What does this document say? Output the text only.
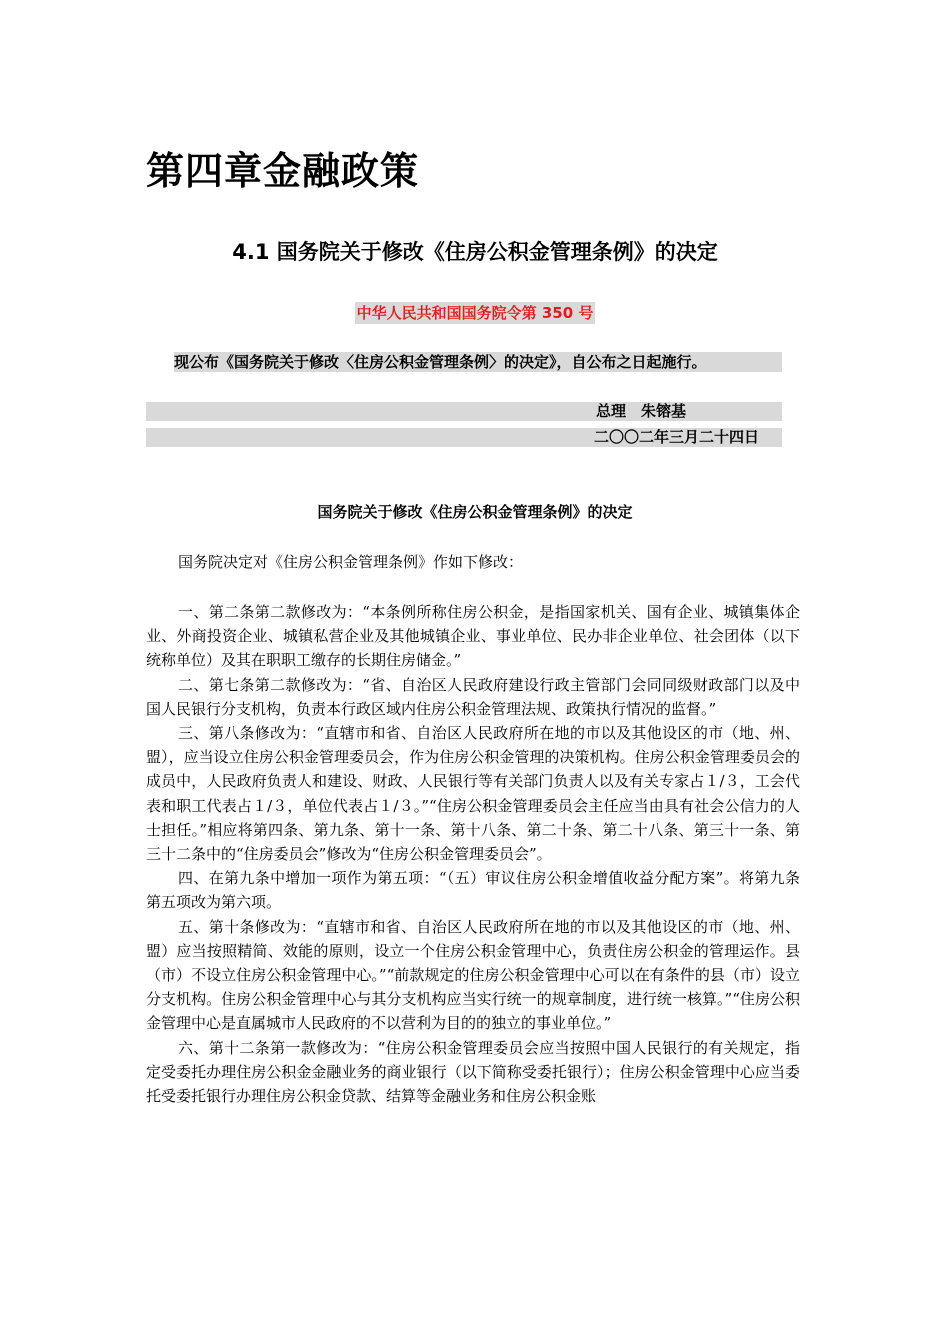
第四章金融政策
4.1 国务院关于修改《住房公积金管理条例》的决定
中华人民共和国国务院令第 350 号
现公布《国务院关于修改〈住房公积金管理条例〉的决定》，自公布之日起施行。
总理　朱镕基
二〇〇二年三月二十四日
国务院关于修改《住房公积金管理条例》的决定
国务院决定对《住房公积金管理条例》作如下修改：

一、第二条第二款修改为：“本条例所称住房公积金，是指国家机关、国有企业、城镇集体企业、外商投资企业、城镇私营企业及其他城镇企业、事业单位、民办非企业单位、社会团体（以下统称单位）及其在职职工缴存的长期住房储金。”

二、第七条第二款修改为：“省、自治区人民政府建设行政主管部门会同同级财政部门以及中国人民银行分支机构，负责本行政区域内住房公积金管理法规、政策执行情况的监督。”

三、第八条修改为：“直辖市和省、自治区人民政府所在地的市以及其他设区的市（地、州、盟），应当设立住房公积金管理委员会，作为住房公积金管理的决策机构。住房公积金管理委员会的成员中，人民政府负责人和建设、财政、人民银行等有关部门负责人以及有关专家占１/３，工会代表和职工代表占１/３，单位代表占１/３。”“住房公积金管理委员会主任应当由具有社会公信力的人士担任。”相应将第四条、第九条、第十一条、第十八条、第二十条、第二十八条、第三十一条、第三十二条中的“住房委员会”修改为“住房公积金管理委员会”。

四、在第九条中增加一项作为第五项：“（五）审议住房公积金增值收益分配方案”。将第九条第五项改为第六项。

五、第十条修改为：“直辖市和省、自治区人民政府所在地的市以及其他设区的市（地、州、盟）应当按照精简、效能的原则，设立一个住房公积金管理中心，负责住房公积金的管理运作。县（市）不设立住房公积金管理中心。”“前款规定的住房公积金管理中心可以在有条件的县（市）设立分支机构。住房公积金管理中心与其分支机构应当实行统一的规章制度，进行统一核算。”“住房公积金管理中心是直属城市人民政府的不以营利为目的的独立的事业单位。”

六、第十二条第一款修改为：“住房公积金管理委员会应当按照中国人民银行的有关规定，指定受委托办理住房公积金金融业务的商业银行（以下简称受委托银行）；住房公积金管理中心应当委托受委托银行办理住房公积金贷款、结算等金融业务和住房公积金账
